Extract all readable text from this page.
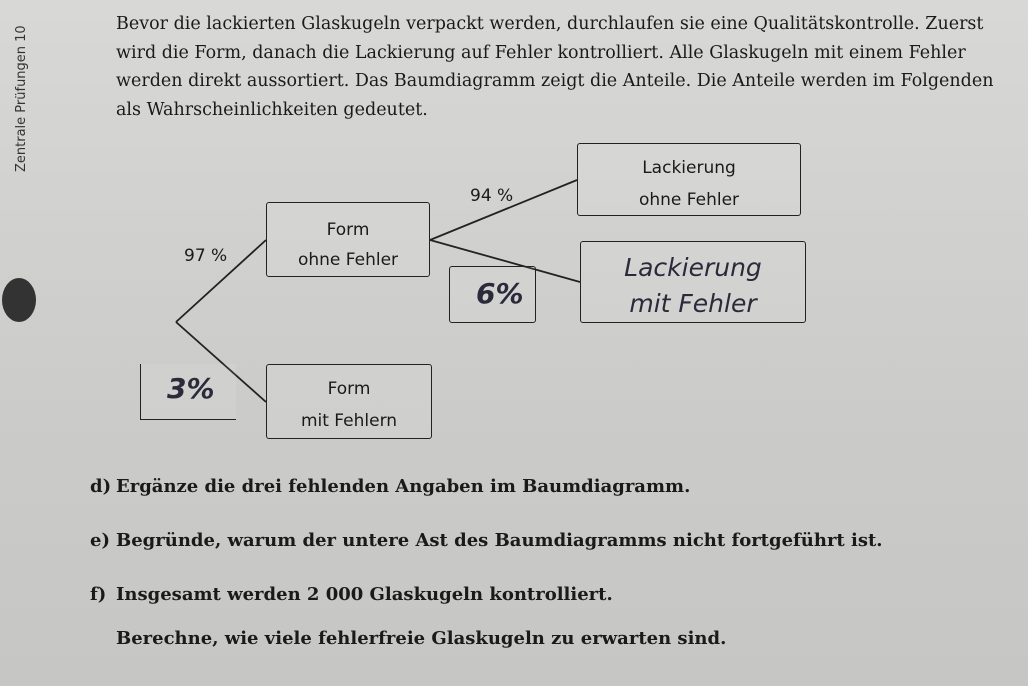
Zentrale Prüfungen 10
Bevor die lackierten Glaskugeln verpackt werden, durchlaufen sie eine Qualitätskontrolle. Zuerst wird die Form, danach die Lackierung auf Fehler kontrolliert. Alle Glaskugeln mit einem Fehler werden direkt aussortiert. Das Baumdiagramm zeigt die Anteile. Die Anteile werden im Folgenden als Wahrscheinlichkeiten gedeutet.
Form
ohne Fehler
Form
mit Fehlern
Lackierung
ohne Fehler
Lackierung
mit Fehler
6%
3%
97 %
94 %
d) Ergänze die drei fehlenden Angaben im Baumdiagramm.
e) Begründe, warum der untere Ast des Baumdiagramms nicht fortgeführt ist.
f) Insgesamt werden 2 000 Glaskugeln kontrolliert.
Berechne, wie viele fehlerfreie Glaskugeln zu erwarten sind.
